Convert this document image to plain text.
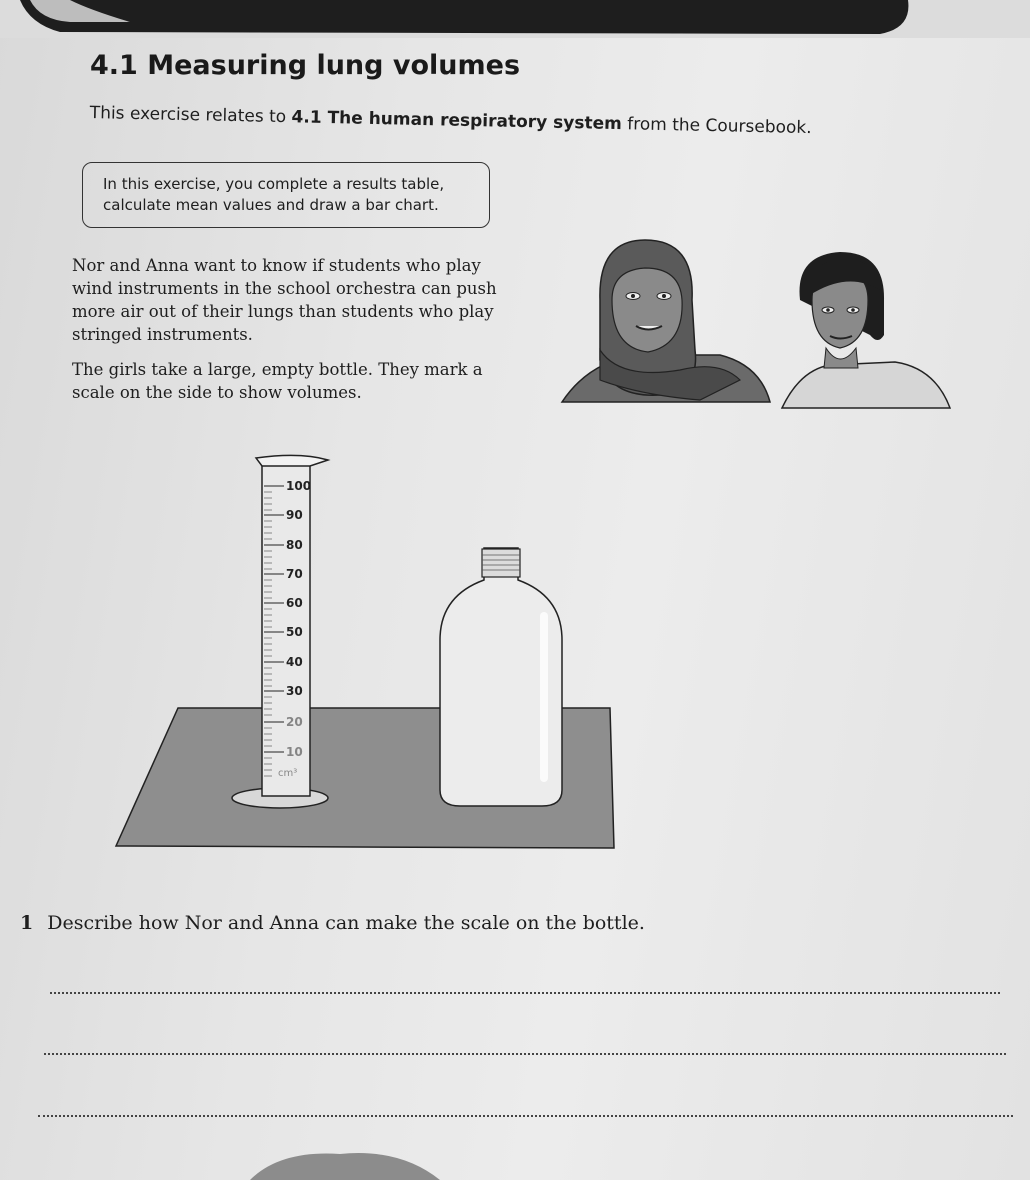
4.1 Measuring lung volumes
This exercise relates to 4.1 The human respiratory system from the Coursebook.
In this exercise, you complete a results table,
calculate mean values and draw a bar chart.
Nor and Anna want to know if students who play
wind instruments in the school orchestra can push
more air out of their lungs than students who play
stringed instruments.
The girls take a large, empty bottle. They mark a
scale on the side to show volumes.
100
90
80
70
60
50
40
30
20
10
cm³
1 Describe how Nor and Anna can make the scale on the bottle.
